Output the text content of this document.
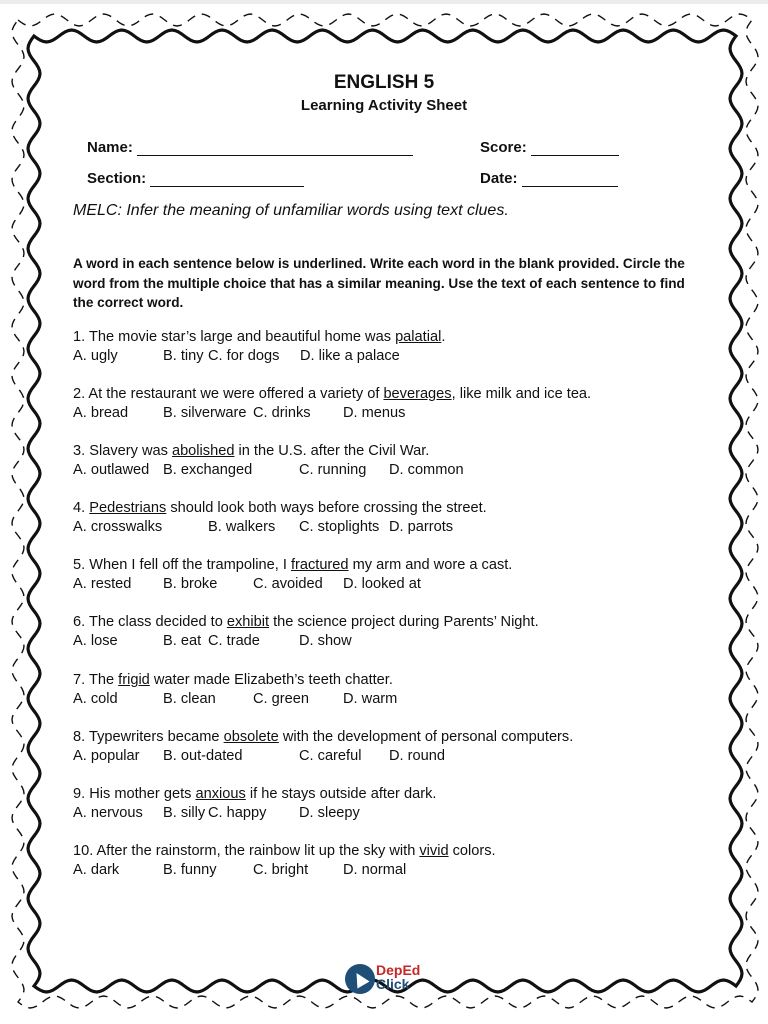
ENGLISH 5
Learning Activity Sheet
Name:	Score:
Section:	Date:
MELC: Infer the meaning of unfamiliar words using text clues.
A word in each sentence below is underlined. Write each word in the blank provided. Circle the word from the multiple choice that has a similar meaning. Use the text of each sentence to find the correct word.
1. The movie star’s large and beautiful home was palatial.
A. ugly	B. tiny C. for dogs D. like a palace
2. At the restaurant we were offered a variety of beverages, like milk and ice tea.
A. bread B. silverware C. drinks D. menus
3. Slavery was abolished in the U.S. after the Civil War.
A. outlawed B. exchanged	C. running D. common
4. Pedestrians should look both ways before crossing the street.
A. crosswalks	B. walkers C. stoplights D. parrots
5. When I fell off the trampoline, I fractured my arm and wore a cast.
A. rested B. broke C. avoided D. looked at
6. The class decided to exhibit the science project during Parents’ Night.
A. lose	B. eat C. trade	D. show
7. The frigid water made Elizabeth’s teeth chatter.
A. cold	B. clean	C. green D. warm
8. Typewriters became obsolete with the development of personal computers.
A. popular B. out-dated	C. careful D. round
9. His mother gets anxious if he stays outside after dark.
A. nervous B. silly C. happy D. sleepy
10. After the rainstorm, the rainbow lit up the sky with vivid colors.
A. dark	B. funny C. bright D. normal
DepEd
Click
